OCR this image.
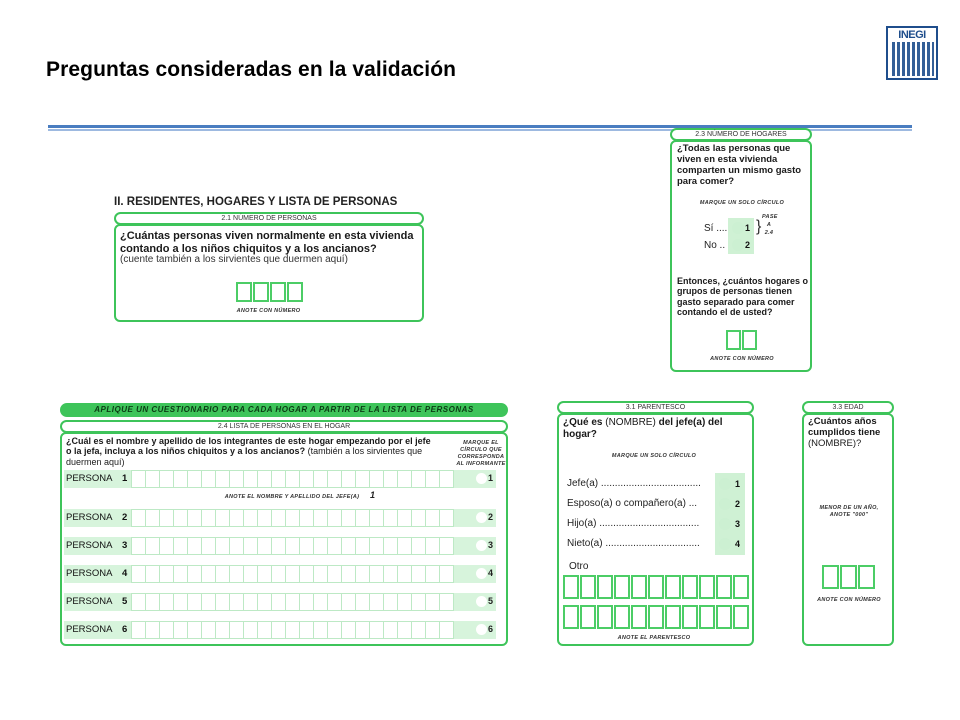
Preguntas consideradas en la validación
INEGI
II. RESIDENTES, HOGARES Y LISTA DE PERSONAS
2.1 NÚMERO DE PERSONAS
¿Cuántas personas viven normalmente en esta vivienda contando a los niños chiquitos y a los ancianos?
(cuente también a los sirvientes que duermen aquí)
ANOTE CON NÚMERO
2.3 NÚMERO DE HOGARES
¿Todas las personas que viven en esta vivienda comparten un mismo gasto para comer?
MARQUE UN SOLO CÍRCULO
Sí .... 1
No .. 2
}
PASE
A
2.4
Entonces, ¿cuántos hogares o grupos de personas tienen gasto separado para comer contando el de usted?
ANOTE CON NÚMERO
APLIQUE UN CUESTIONARIO PARA CADA HOGAR A PARTIR DE LA LISTA DE PERSONAS
2.4 LISTA DE PERSONAS EN EL HOGAR
¿Cuál es el nombre y apellido de los integrantes de este hogar empezando por el jefe o la jefa, incluya a los niños chiquitos y a los ancianos? (también a los sirvientes que duermen aquí)
MARQUE EL CÍRCULO QUE CORRESPONDA AL INFORMANTE
ANOTE EL NOMBRE Y APELLIDO DEL JEFE(A)	1
PERSONA 1	1
PERSONA 2	2
PERSONA 3	3
PERSONA 4	4
PERSONA 5	5
PERSONA 6	6
3.1 PARENTESCO
¿Qué es (NOMBRE) del jefe(a) del hogar?
MARQUE UN SOLO CÍRCULO
Jefe(a) ....................................	1
Esposo(a) o compañero(a) ...	2
Hijo(a) ....................................	3
Nieto(a) ..................................	4
Otro
ANOTE EL PARENTESCO
3.3 EDAD
¿Cuántos años cumplidos tiene (NOMBRE)?
MENOR DE UN AÑO,
ANOTE "000"
ANOTE CON NÚMERO
